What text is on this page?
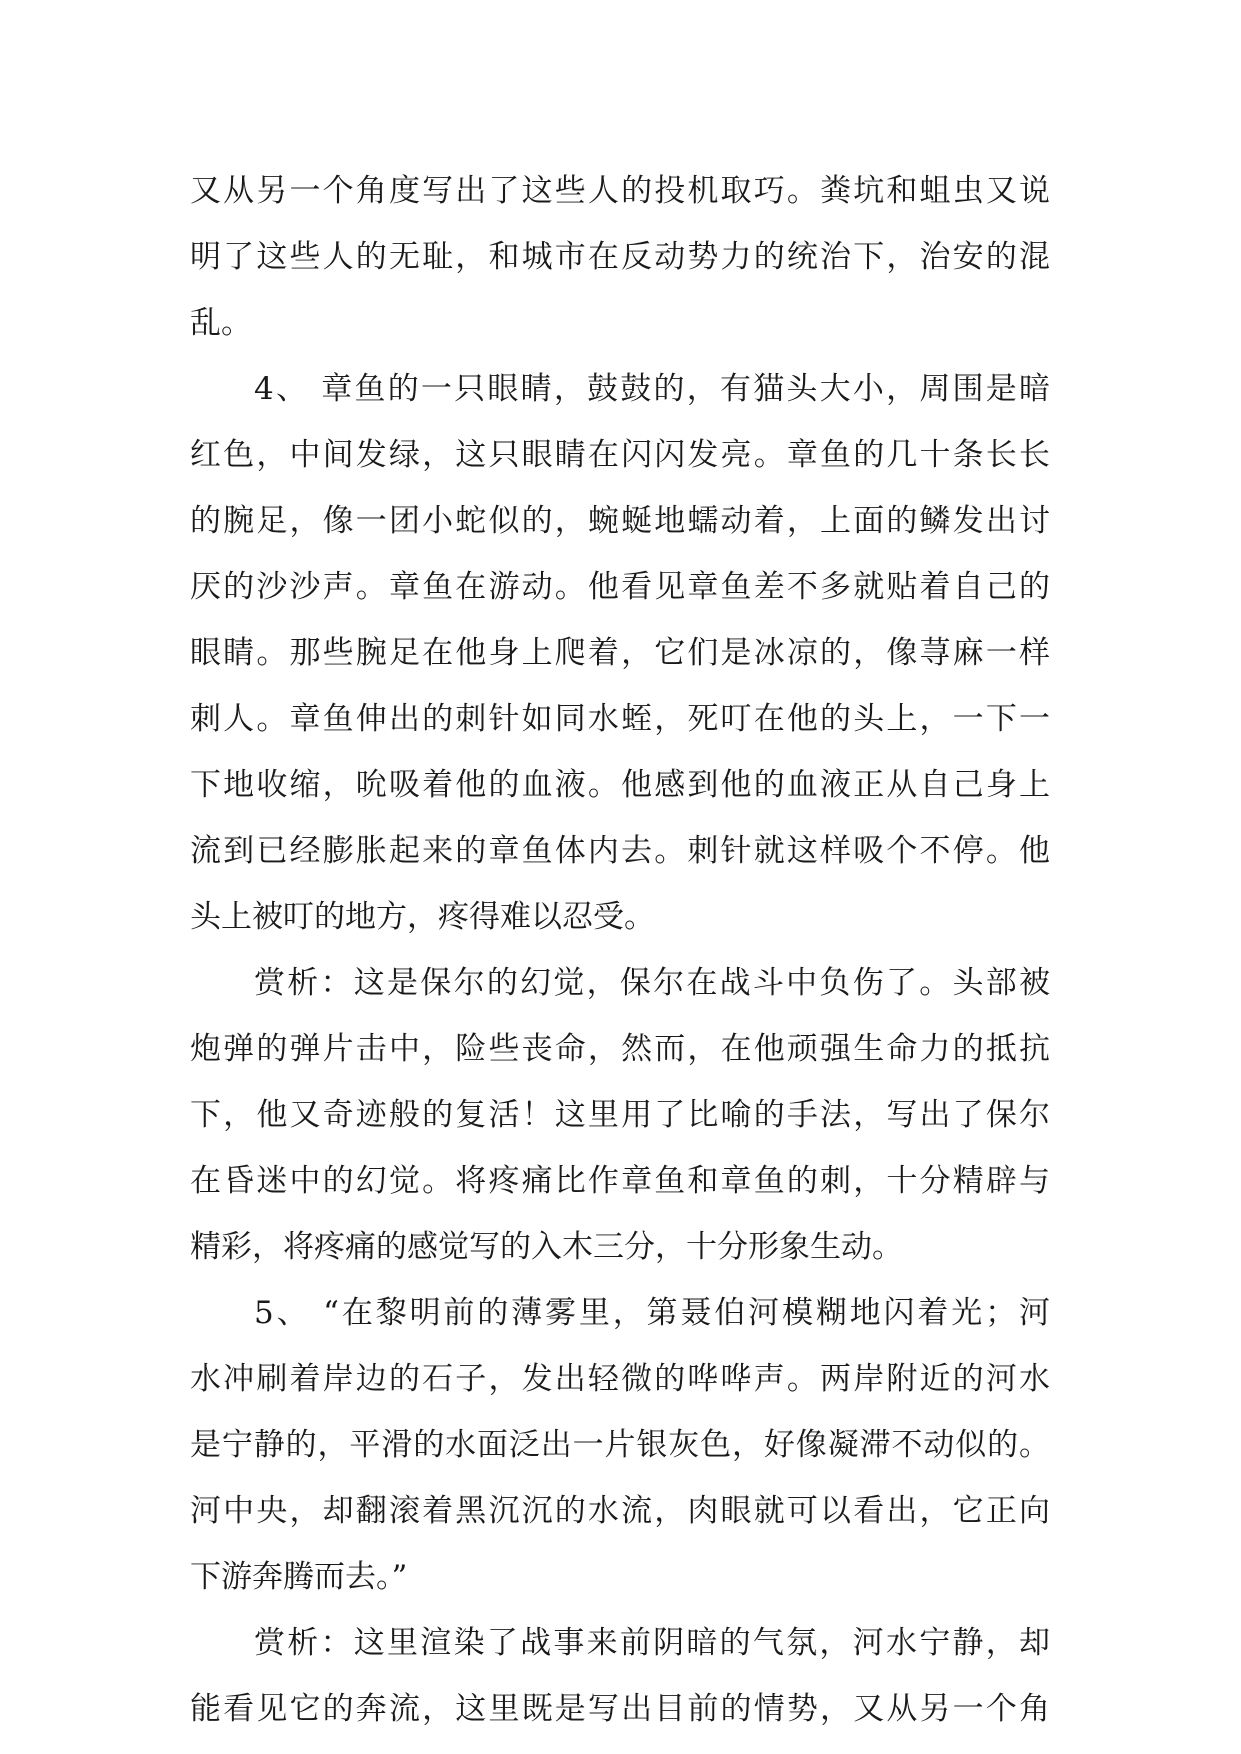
又从另一个角度写出了这些人的投机取巧。粪坑和蛆虫又说
明了这些人的无耻，和城市在反动势力的统治下，治安的混
乱。
4、 章鱼的一只眼睛，鼓鼓的，有猫头大小，周围是暗
红色，中间发绿，这只眼睛在闪闪发亮。章鱼的几十条长长
的腕足，像一团小蛇似的，蜿蜒地蠕动着，上面的鳞发出讨
厌的沙沙声。章鱼在游动。他看见章鱼差不多就贴着自己的
眼睛。那些腕足在他身上爬着，它们是冰凉的，像荨麻一样
刺人。章鱼伸出的刺针如同水蛭，死叮在他的头上，一下一
下地收缩，吮吸着他的血液。他感到他的血液正从自己身上
流到已经膨胀起来的章鱼体内去。刺针就这样吸个不停。他
头上被叮的地方，疼得难以忍受。
赏析：这是保尔的幻觉，保尔在战斗中负伤了。头部被
炮弹的弹片击中，险些丧命，然而，在他顽强生命力的抵抗
下，他又奇迹般的复活！这里用了比喻的手法，写出了保尔
在昏迷中的幻觉。将疼痛比作章鱼和章鱼的刺，十分精辟与
精彩，将疼痛的感觉写的入木三分，十分形象生动。
5、 “在黎明前的薄雾里，第聂伯河模糊地闪着光；河
水冲刷着岸边的石子，发出轻微的哗哗声。两岸附近的河水
是宁静的，平滑的水面泛出一片银灰色，好像凝滞不动似的。
河中央，却翻滚着黑沉沉的水流，肉眼就可以看出，它正向
下游奔腾而去。”
赏析：这里渲染了战事来前阴暗的气氛，河水宁静，却
能看见它的奔流，这里既是写出目前的情势，又从另一个角
